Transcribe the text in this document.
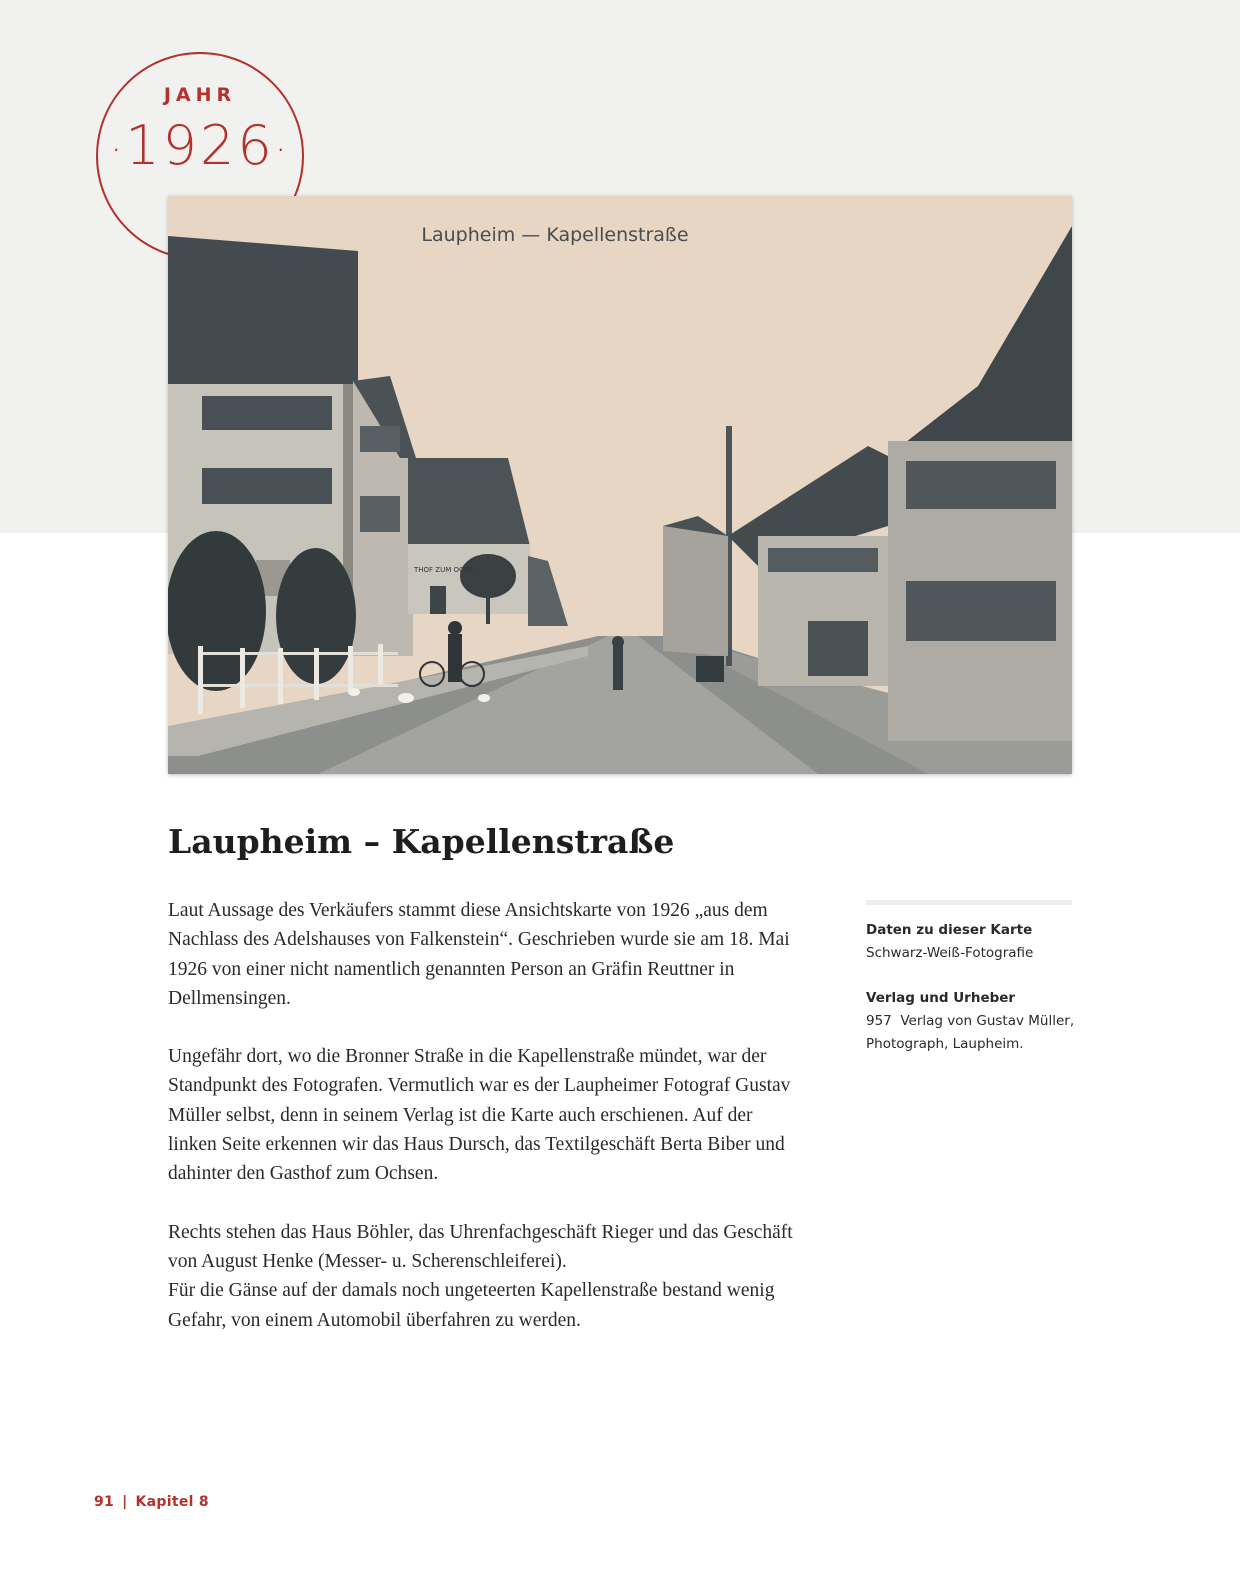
JAHR
·1926·
THOF ZUM OCHS
Laupheim — Kapellenstraße
Laupheim – Kapellenstraße

Laut Aussage des Verkäufers stammt diese Ansichtskarte von 1926 „aus dem Nachlass des Adelshauses von Falkenstein“. Geschrieben wurde sie am 18. Mai 1926 von einer nicht namentlich genannten Person an Gräfin Reuttner in Dellmensingen.

Ungefähr dort, wo die Bronner Straße in die Kapellenstraße mündet, war der Standpunkt des Fotografen. Vermutlich war es der Laupheimer Fotograf Gustav Müller selbst, denn in seinem Verlag ist die Karte auch erschienen. Auf der linken Seite erkennen wir das Haus Dursch, das Textilgeschäft Berta Biber und dahinter den Gasthof zum Ochsen.

Rechts stehen das Haus Böhler, das Uhrenfachgeschäft Rieger und das Geschäft von August Henke (Messer- u. Scherenschleiferei).

Für die Gänse auf der damals noch ungeteerten Kapellenstraße bestand wenig Gefahr, von einem Automobil überfahren zu werden.

Daten zu dieser Karte
Schwarz-Weiß-Fotografie
Verlag und Urheber
957  Verlag von Gustav Müller,
Photograph, Laupheim.
91 | Kapitel 8
